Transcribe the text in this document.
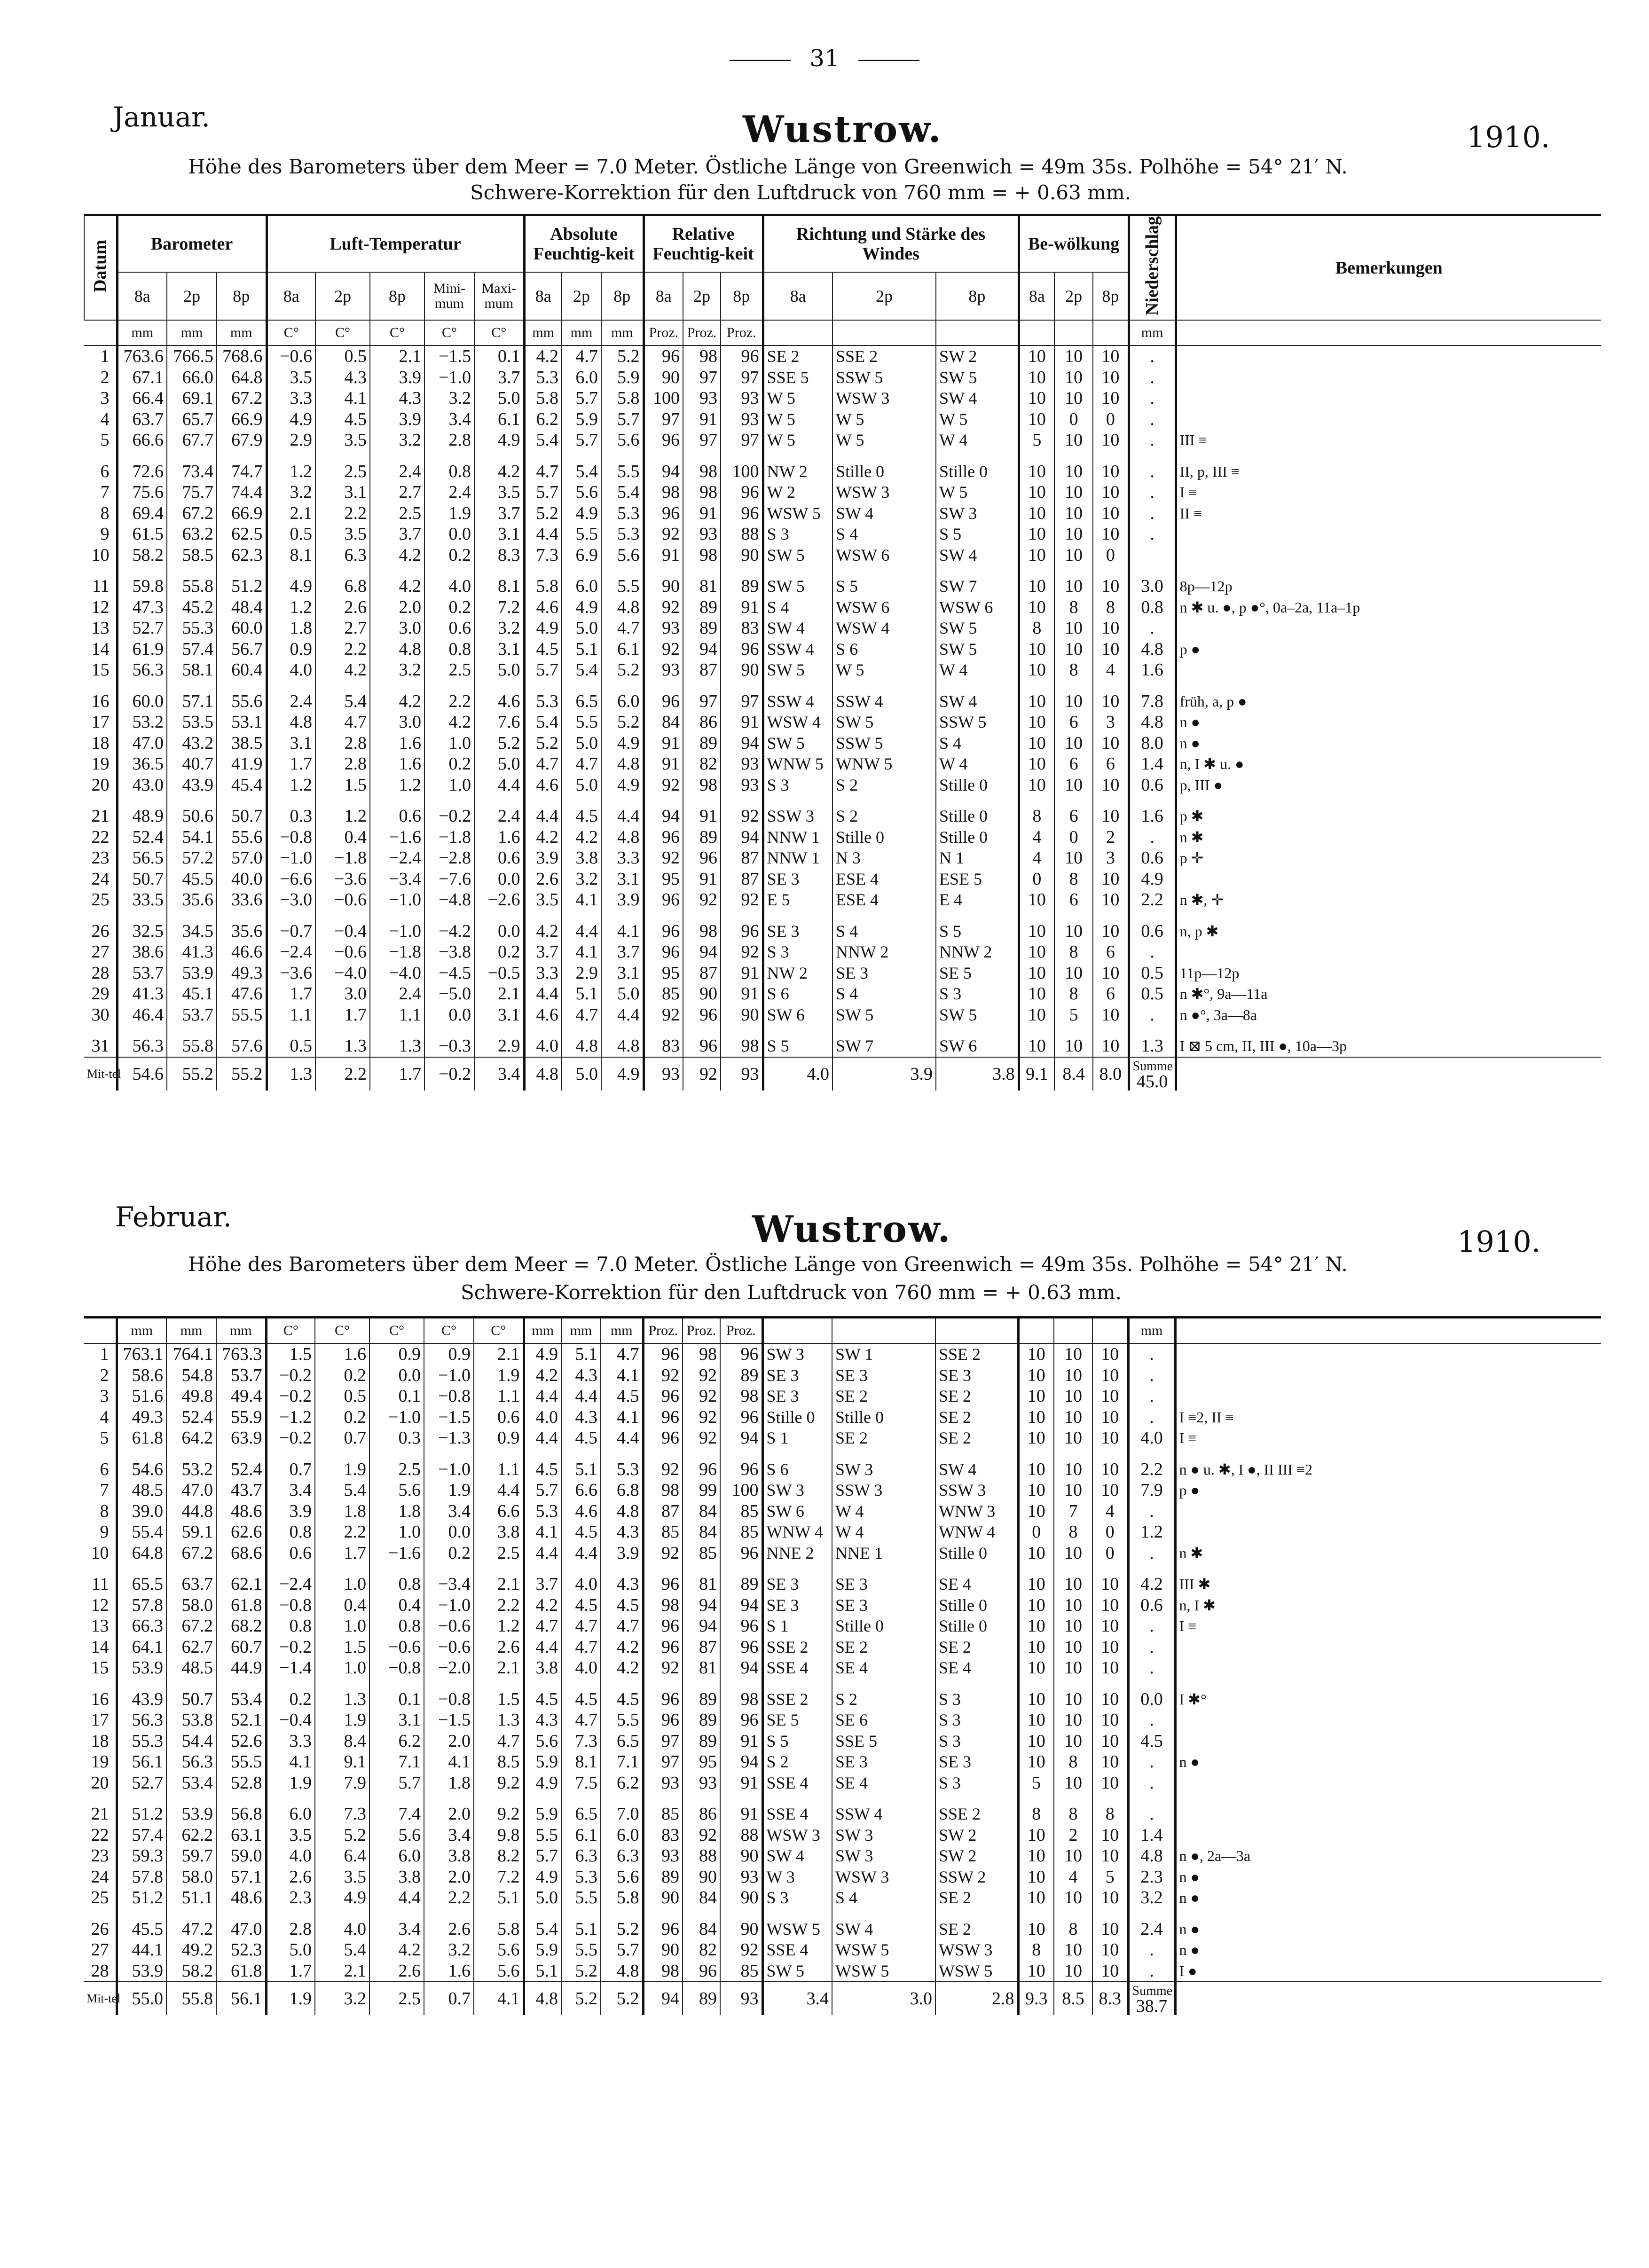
31
Januar.	Wustrow.	1910.
Höhe des Barometers über dem Meer = 7.0 Meter. Östliche Länge von Greenwich = 49m 35s. Polhöhe = 54° 21′ N.
Schwere-Korrektion für den Luftdruck von 760 mm = + 0.63 mm.
Datum	Barometer			Luft-Temperatur					Absolute Feuchtig-keit			Relative Feuchtig-keit			Richtung und Stärke des Windes			Be-wölkung			Niederschlag	Bemerkungen
	8a	2p	8p	8a	2p	8p	Mini-mum	Maxi-mum	8a	2p	8p	8a	2p	8p	8a	2p	8p	8a	2p	8p		
	mm	mm	mm	C°	C°	C°	C°	C°	mm	mm	mm	Proz.	Proz.	Proz.							mm	
1	763.6	766.5	768.6	−0.6	0.5	2.1	−1.5	0.1	4.2	4.7	5.2	96	98	96	SE 2	SSE 2	SW 2	10	10	10	.	
2	67.1	66.0	64.8	3.5	4.3	3.9	−1.0	3.7	5.3	6.0	5.9	90	97	97	SSE 5	SSW 5	SW 5	10	10	10	.	
3	66.4	69.1	67.2	3.3	4.1	4.3	3.2	5.0	5.8	5.7	5.8	100	93	93	W 5	WSW 3	SW 4	10	10	10	.	
4	63.7	65.7	66.9	4.9	4.5	3.9	3.4	6.1	6.2	5.9	5.7	97	91	93	W 5	W 5	W 5	10	0	0	.	
5	66.6	67.7	67.9	2.9	3.5	3.2	2.8	4.9	5.4	5.7	5.6	96	97	97	W 5	W 5	W 4	5	10	10	.	III ≡

6	72.6	73.4	74.7	1.2	2.5	2.4	0.8	4.2	4.7	5.4	5.5	94	98	100	NW 2	Stille 0	Stille 0	10	10	10	.	II, p, III ≡
7	75.6	75.7	74.4	3.2	3.1	2.7	2.4	3.5	5.7	5.6	5.4	98	98	96	W 2	WSW 3	W 5	10	10	10	.	I ≡
8	69.4	67.2	66.9	2.1	2.2	2.5	1.9	3.7	5.2	4.9	5.3	96	91	96	WSW 5	SW 4	SW 3	10	10	10	.	II ≡
9	61.5	63.2	62.5	0.5	3.5	3.7	0.0	3.1	4.4	5.5	5.3	92	93	88	S 3	S 4	S 5	10	10	10	.	
10	58.2	58.5	62.3	8.1	6.3	4.2	0.2	8.3	7.3	6.9	5.6	91	98	90	SW 5	WSW 6	SW 4	10	10	0		

11	59.8	55.8	51.2	4.9	6.8	4.2	4.0	8.1	5.8	6.0	5.5	90	81	89	SW 5	S 5	SW 7	10	10	10	3.0	8p—12p
12	47.3	45.2	48.4	1.2	2.6	2.0	0.2	7.2	4.6	4.9	4.8	92	89	91	S 4	WSW 6	WSW 6	10	8	8	0.8	n ✱ u. ●, p ●°, 0a–2a, 11a–1p
13	52.7	55.3	60.0	1.8	2.7	3.0	0.6	3.2	4.9	5.0	4.7	93	89	83	SW 4	WSW 4	SW 5	8	10	10	.	
14	61.9	57.4	56.7	0.9	2.2	4.8	0.8	3.1	4.5	5.1	6.1	92	94	96	SSW 4	S 6	SW 5	10	10	10	4.8	p ●
15	56.3	58.1	60.4	4.0	4.2	3.2	2.5	5.0	5.7	5.4	5.2	93	87	90	SW 5	W 5	W 4	10	8	4	1.6	

16	60.0	57.1	55.6	2.4	5.4	4.2	2.2	4.6	5.3	6.5	6.0	96	97	97	SSW 4	SSW 4	SW 4	10	10	10	7.8	früh, a, p ●
17	53.2	53.5	53.1	4.8	4.7	3.0	4.2	7.6	5.4	5.5	5.2	84	86	91	WSW 4	SW 5	SSW 5	10	6	3	4.8	n ●
18	47.0	43.2	38.5	3.1	2.8	1.6	1.0	5.2	5.2	5.0	4.9	91	89	94	SW 5	SSW 5	S 4	10	10	10	8.0	n ●
19	36.5	40.7	41.9	1.7	2.8	1.6	0.2	5.0	4.7	4.7	4.8	91	82	93	WNW 5	WNW 5	W 4	10	6	6	1.4	n, I ✱ u. ●
20	43.0	43.9	45.4	1.2	1.5	1.2	1.0	4.4	4.6	5.0	4.9	92	98	93	S 3	S 2	Stille 0	10	10	10	0.6	p, III ●

21	48.9	50.6	50.7	0.3	1.2	0.6	−0.2	2.4	4.4	4.5	4.4	94	91	92	SSW 3	S 2	Stille 0	8	6	10	1.6	p ✱
22	52.4	54.1	55.6	−0.8	0.4	−1.6	−1.8	1.6	4.2	4.2	4.8	96	89	94	NNW 1	Stille 0	Stille 0	4	0	2	.	n ✱
23	56.5	57.2	57.0	−1.0	−1.8	−2.4	−2.8	0.6	3.9	3.8	3.3	92	96	87	NNW 1	N 3	N 1	4	10	3	0.6	p ✛
24	50.7	45.5	40.0	−6.6	−3.6	−3.4	−7.6	0.0	2.6	3.2	3.1	95	91	87	SE 3	ESE 4	ESE 5	0	8	10	4.9	
25	33.5	35.6	33.6	−3.0	−0.6	−1.0	−4.8	−2.6	3.5	4.1	3.9	96	92	92	E 5	ESE 4	E 4	10	6	10	2.2	n ✱, ✛

26	32.5	34.5	35.6	−0.7	−0.4	−1.0	−4.2	0.0	4.2	4.4	4.1	96	98	96	SE 3	S 4	S 5	10	10	10	0.6	n, p ✱
27	38.6	41.3	46.6	−2.4	−0.6	−1.8	−3.8	0.2	3.7	4.1	3.7	96	94	92	S 3	NNW 2	NNW 2	10	8	6	.	
28	53.7	53.9	49.3	−3.6	−4.0	−4.0	−4.5	−0.5	3.3	2.9	3.1	95	87	91	NW 2	SE 3	SE 5	10	10	10	0.5	11p—12p
29	41.3	45.1	47.6	1.7	3.0	2.4	−5.0	2.1	4.4	5.1	5.0	85	90	91	S 6	S 4	S 3	10	8	6	0.5	n ✱°, 9a—11a
30	46.4	53.7	55.5	1.1	1.7	1.1	0.0	3.1	4.6	4.7	4.4	92	96	90	SW 6	SW 5	SW 5	10	5	10	.	n ●°, 3a—8a

31	56.3	55.8	57.6	0.5	1.3	1.3	−0.3	2.9	4.0	4.8	4.8	83	96	98	S 5	SW 7	SW 6	10	10	10	1.3	I ⊠ 5 cm, II, III ●, 10a—3p
Mit-tel	54.6	55.2	55.2	1.3	2.2	1.7	−0.2	3.4	4.8	5.0	4.9	93	92	93	4.0	3.9	3.8	9.1	8.4	8.0	Summe
45.0	

Februar.	Wustrow.	1910.
Höhe des Barometers über dem Meer = 7.0 Meter. Östliche Länge von Greenwich = 49m 35s. Polhöhe = 54° 21′ N.
Schwere-Korrektion für den Luftdruck von 760 mm = + 0.63 mm.
	mm	mm	mm	C°	C°	C°	C°	C°	mm	mm	mm	Proz.	Proz.	Proz.							mm	
1	763.1	764.1	763.3	1.5	1.6	0.9	0.9	2.1	4.9	5.1	4.7	96	98	96	SW 3	SW 1	SSE 2	10	10	10	.	
2	58.6	54.8	53.7	−0.2	0.2	0.0	−1.0	1.9	4.2	4.3	4.1	92	92	89	SE 3	SE 3	SE 3	10	10	10	.	
3	51.6	49.8	49.4	−0.2	0.5	0.1	−0.8	1.1	4.4	4.4	4.5	96	92	98	SE 3	SE 2	SE 2	10	10	10	.	
4	49.3	52.4	55.9	−1.2	0.2	−1.0	−1.5	0.6	4.0	4.3	4.1	96	92	96	Stille 0	Stille 0	SE 2	10	10	10	.	I ≡2, II ≡
5	61.8	64.2	63.9	−0.2	0.7	0.3	−1.3	0.9	4.4	4.5	4.4	96	92	94	S 1	SE 2	SE 2	10	10	10	4.0	I ≡

6	54.6	53.2	52.4	0.7	1.9	2.5	−1.0	1.1	4.5	5.1	5.3	92	96	96	S 6	SW 3	SW 4	10	10	10	2.2	n ● u. ✱, I ●, II III ≡2
7	48.5	47.0	43.7	3.4	5.4	5.6	1.9	4.4	5.7	6.6	6.8	98	99	100	SW 3	SSW 3	SSW 3	10	10	10	7.9	p ●
8	39.0	44.8	48.6	3.9	1.8	1.8	3.4	6.6	5.3	4.6	4.8	87	84	85	SW 6	W 4	WNW 3	10	7	4	.	
9	55.4	59.1	62.6	0.8	2.2	1.0	0.0	3.8	4.1	4.5	4.3	85	84	85	WNW 4	W 4	WNW 4	0	8	0	1.2	
10	64.8	67.2	68.6	0.6	1.7	−1.6	0.2	2.5	4.4	4.4	3.9	92	85	96	NNE 2	NNE 1	Stille 0	10	10	0	.	n ✱

11	65.5	63.7	62.1	−2.4	1.0	0.8	−3.4	2.1	3.7	4.0	4.3	96	81	89	SE 3	SE 3	SE 4	10	10	10	4.2	III ✱
12	57.8	58.0	61.8	−0.8	0.4	0.4	−1.0	2.2	4.2	4.5	4.5	98	94	94	SE 3	SE 3	Stille 0	10	10	10	0.6	n, I ✱
13	66.3	67.2	68.2	0.8	1.0	0.8	−0.6	1.2	4.7	4.7	4.7	96	94	96	S 1	Stille 0	Stille 0	10	10	10	.	I ≡
14	64.1	62.7	60.7	−0.2	1.5	−0.6	−0.6	2.6	4.4	4.7	4.2	96	87	96	SSE 2	SE 2	SE 2	10	10	10	.	
15	53.9	48.5	44.9	−1.4	1.0	−0.8	−2.0	2.1	3.8	4.0	4.2	92	81	94	SSE 4	SE 4	SE 4	10	10	10	.	

16	43.9	50.7	53.4	0.2	1.3	0.1	−0.8	1.5	4.5	4.5	4.5	96	89	98	SSE 2	S 2	S 3	10	10	10	0.0	I ✱°
17	56.3	53.8	52.1	−0.4	1.9	3.1	−1.5	1.3	4.3	4.7	5.5	96	89	96	SE 5	SE 6	S 3	10	10	10	.	
18	55.3	54.4	52.6	3.3	8.4	6.2	2.0	4.7	5.6	7.3	6.5	97	89	91	S 5	SSE 5	S 3	10	10	10	4.5	
19	56.1	56.3	55.5	4.1	9.1	7.1	4.1	8.5	5.9	8.1	7.1	97	95	94	S 2	SE 3	SE 3	10	8	10	.	n ●
20	52.7	53.4	52.8	1.9	7.9	5.7	1.8	9.2	4.9	7.5	6.2	93	93	91	SSE 4	SE 4	S 3	5	10	10	.	

21	51.2	53.9	56.8	6.0	7.3	7.4	2.0	9.2	5.9	6.5	7.0	85	86	91	SSE 4	SSW 4	SSE 2	8	8	8	.	
22	57.4	62.2	63.1	3.5	5.2	5.6	3.4	9.8	5.5	6.1	6.0	83	92	88	WSW 3	SW 3	SW 2	10	2	10	1.4	
23	59.3	59.7	59.0	4.0	6.4	6.0	3.8	8.2	5.7	6.3	6.3	93	88	90	SW 4	SW 3	SW 2	10	10	10	4.8	n ●, 2a—3a
24	57.8	58.0	57.1	2.6	3.5	3.8	2.0	7.2	4.9	5.3	5.6	89	90	93	W 3	WSW 3	SSW 2	10	4	5	2.3	n ●
25	51.2	51.1	48.6	2.3	4.9	4.4	2.2	5.1	5.0	5.5	5.8	90	84	90	S 3	S 4	SE 2	10	10	10	3.2	n ●

26	45.5	47.2	47.0	2.8	4.0	3.4	2.6	5.8	5.4	5.1	5.2	96	84	90	WSW 5	SW 4	SE 2	10	8	10	2.4	n ●
27	44.1	49.2	52.3	5.0	5.4	4.2	3.2	5.6	5.9	5.5	5.7	90	82	92	SSE 4	WSW 5	WSW 3	8	10	10	.	n ●
28	53.9	58.2	61.8	1.7	2.1	2.6	1.6	5.6	5.1	5.2	4.8	98	96	85	SW 5	WSW 5	WSW 5	10	10	10	.	I ●
Mit-tel	55.0	55.8	56.1	1.9	3.2	2.5	0.7	4.1	4.8	5.2	5.2	94	89	93	3.4	3.0	2.8	9.3	8.5	8.3	Summe
38.7	
